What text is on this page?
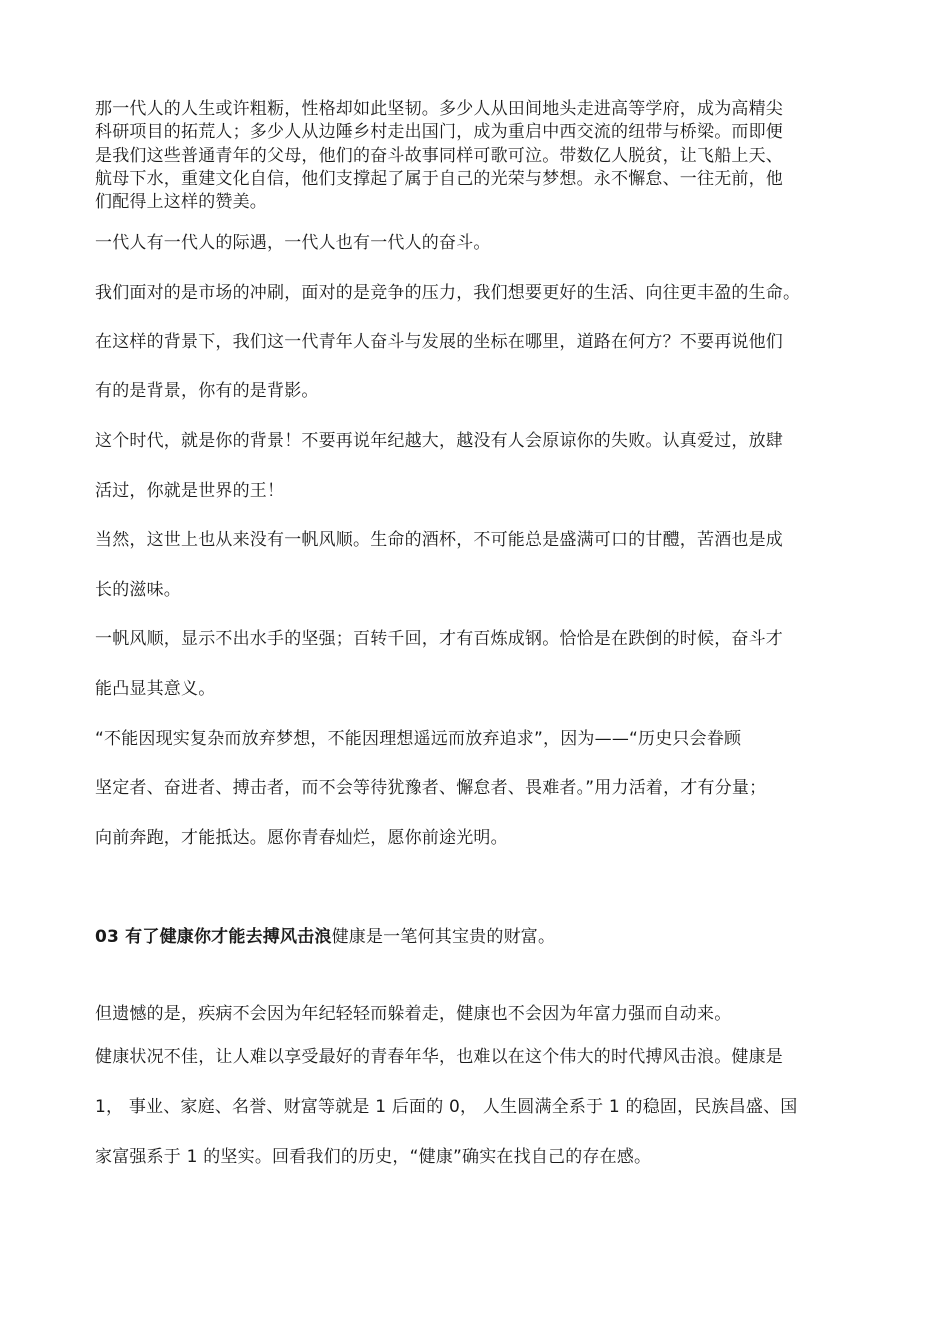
那一代人的人生或许粗粝，性格却如此坚韧。多少人从田间地头走进高等学府，成为高精尖
科研项目的拓荒人；多少人从边陲乡村走出国门，成为重启中西交流的纽带与桥梁。而即便
是我们这些普通青年的父母，他们的奋斗故事同样可歌可泣。带数亿人脱贫，让飞船上天、
航母下水，重建文化自信，他们支撑起了属于自己的光荣与梦想。永不懈怠、一往无前，他
们配得上这样的赞美。
一代人有一代人的际遇，一代人也有一代人的奋斗。
我们面对的是市场的冲刷，面对的是竞争的压力，我们想要更好的生活、向往更丰盈的生命。
在这样的背景下，我们这一代青年人奋斗与发展的坐标在哪里，道路在何方？不要再说他们
有的是背景，你有的是背影。
这个时代，就是你的背景！不要再说年纪越大，越没有人会原谅你的失败。认真爱过，放肆
活过，你就是世界的王！
当然，这世上也从来没有一帆风顺。生命的酒杯，不可能总是盛满可口的甘醴，苦酒也是成
长的滋味。
一帆风顺，显示不出水手的坚强；百转千回，才有百炼成钢。恰恰是在跌倒的时候，奋斗才
能凸显其意义。
“不能因现实复杂而放弃梦想，不能因理想遥远而放弃追求”，因为——“历史只会眷顾
坚定者、奋进者、搏击者，而不会等待犹豫者、懈怠者、畏难者。”用力活着，才有分量；
向前奔跑，才能抵达。愿你青春灿烂，愿你前途光明。
03 有了健康你才能去搏风击浪健康是一笔何其宝贵的财富。
但遗憾的是，疾病不会因为年纪轻轻而躲着走，健康也不会因为年富力强而自动来。
健康状况不佳，让人难以享受最好的青春年华，也难以在这个伟大的时代搏风击浪。健康是
1， 事业、家庭、名誉、财富等就是 1 后面的 0， 人生圆满全系于 1 的稳固，民族昌盛、国
家富强系于 1 的坚实。回看我们的历史，“健康”确实在找自己的存在感。
